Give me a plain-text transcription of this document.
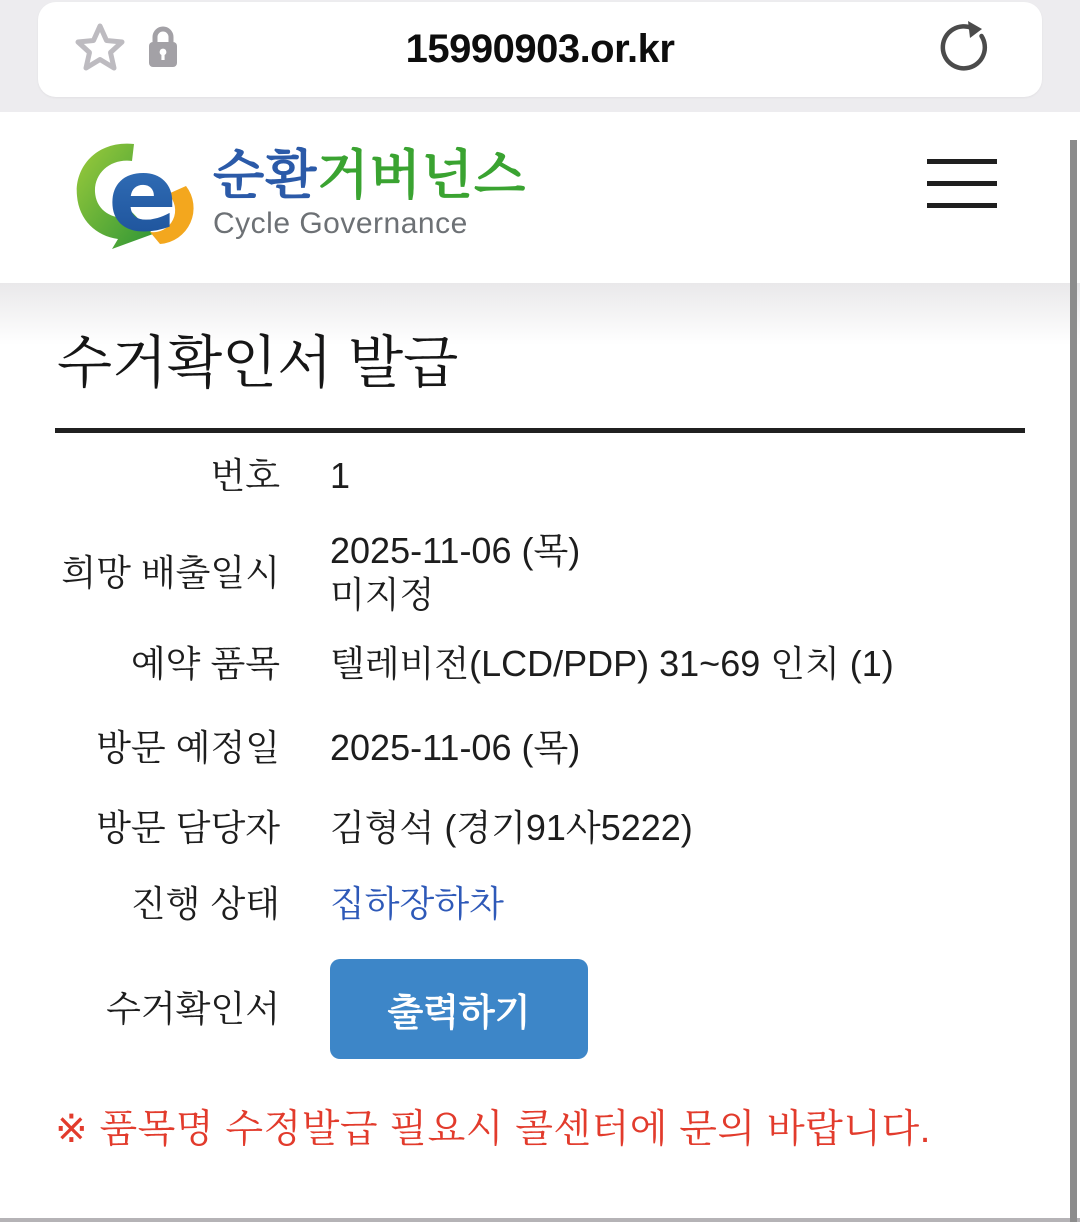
15990903.or.kr
e 순환거버넌스
Cycle Governance
수거확인서 발급
번호 1
희망 배출일시
2025-11-06 (목)
미지정
예약 품목 텔레비전(LCD/PDP) 31~69 인치 (1)
방문 예정일 2025-11-06 (목)
방문 담당자 김형석 (경기91사5222)
진행 상태 집하장하차
수거확인서	출력하기
※ 품목명 수정발급 필요시 콜센터에 문의 바랍니다.
